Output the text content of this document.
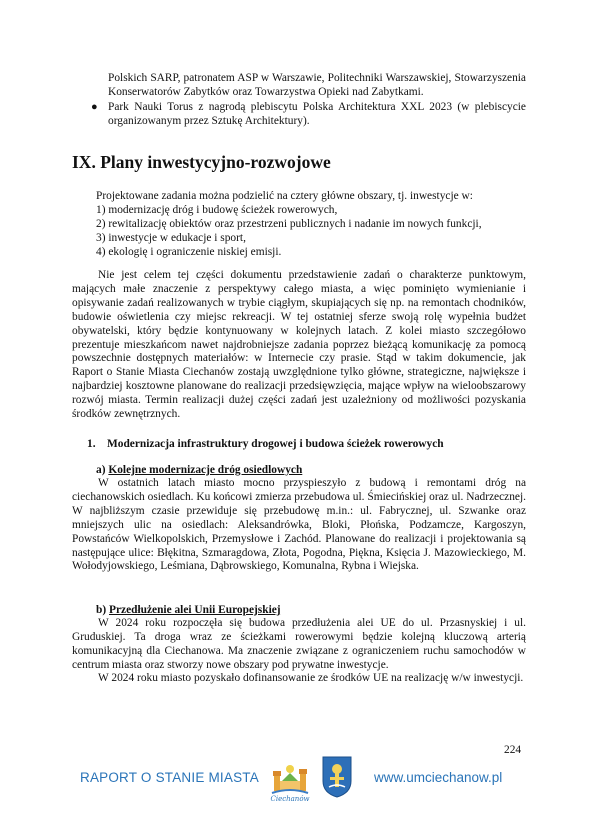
Polskich SARP, patronatem ASP w Warszawie, Politechniki Warszawskiej, Stowarzyszenia Konserwatorów Zabytków oraz Towarzystwa Opieki nad Zabytkami.
● Park Nauki Torus z nagrodą plebiscytu Polska Architektura XXL 2023 (w plebiscycie organizowanym przez Sztukę Architektury).
IX. Plany inwestycyjno-rozwojowe
Projektowane zadania można podzielić na cztery główne obszary, tj. inwestycje w:
1) modernizację dróg i budowę ścieżek rowerowych,
2) rewitalizację obiektów oraz przestrzeni publicznych i nadanie im nowych funkcji,
3) inwestycje w edukacje i sport,
4) ekologię i ograniczenie niskiej emisji.
Nie jest celem tej części dokumentu przedstawienie zadań o charakterze punktowym, mających małe znaczenie z perspektywy całego miasta, a więc pominięto wymienianie i opisywanie zadań realizowanych w trybie ciągłym, skupiających się np. na remontach chodników, budowie oświetlenia czy miejsc rekreacji. W tej ostatniej sferze swoją rolę wypełnia budżet obywatelski, który będzie kontynuowany w kolejnych latach. Z kolei miasto szczegółowo prezentuje mieszkańcom nawet najdrobniejsze zadania poprzez bieżącą komunikację za pomocą powszechnie dostępnych materiałów: w Internecie czy prasie. Stąd w takim dokumencie, jak Raport o Stanie Miasta Ciechanów zostają uwzględnione tylko główne, strategiczne, największe i najbardziej kosztowne planowane do realizacji przedsięwzięcia, mające wpływ na wieloobszarowy rozwój miasta. Termin realizacji dużej części zadań jest uzależniony od możliwości pozyskania środków zewnętrznych.
1. Modernizacja infrastruktury drogowej i budowa ścieżek rowerowych
a) Kolejne modernizacje dróg osiedlowych
W ostatnich latach miasto mocno przyspieszyło z budową i remontami dróg na ciechanowskich osiedlach. Ku końcowi zmierza przebudowa ul. Śmiecińskiej oraz ul. Nadrzecznej. W najbliższym czasie przewiduje się przebudowę m.in.: ul. Fabrycznej, ul. Szwanke oraz mniejszych ulic na osiedlach: Aleksandrówka, Bloki, Płońska, Podzamcze, Kargoszyn, Powstańców Wielkopolskich, Przemysłowe i Zachód. Planowane do realizacji i projektowania są następujące ulice: Błękitna, Szmaragdowa, Złota, Pogodna, Piękna, Księcia J. Mazowieckiego, M. Wołodyjowskiego, Leśmiana, Dąbrowskiego, Komunalna, Rybna i Wiejska.
b) Przedłużenie alei Unii Europejskiej
W 2024 roku rozpoczęła się budowa przedłużenia alei UE do ul. Przasnyskiej i ul. Gruduskiej. Ta droga wraz ze ścieżkami rowerowymi będzie kolejną kluczową arterią komunikacyjną dla Ciechanowa. Ma znaczenie związane z ograniczeniem ruchu samochodów w centrum miasta oraz stworzy nowe obszary pod prywatne inwestycje.
W 2024 roku miasto pozyskało dofinansowanie ze środków UE na realizację w/w inwestycji.
224
RAPORT O STANIE MIASTA
Ciechanów
www.umciechanow.pl
